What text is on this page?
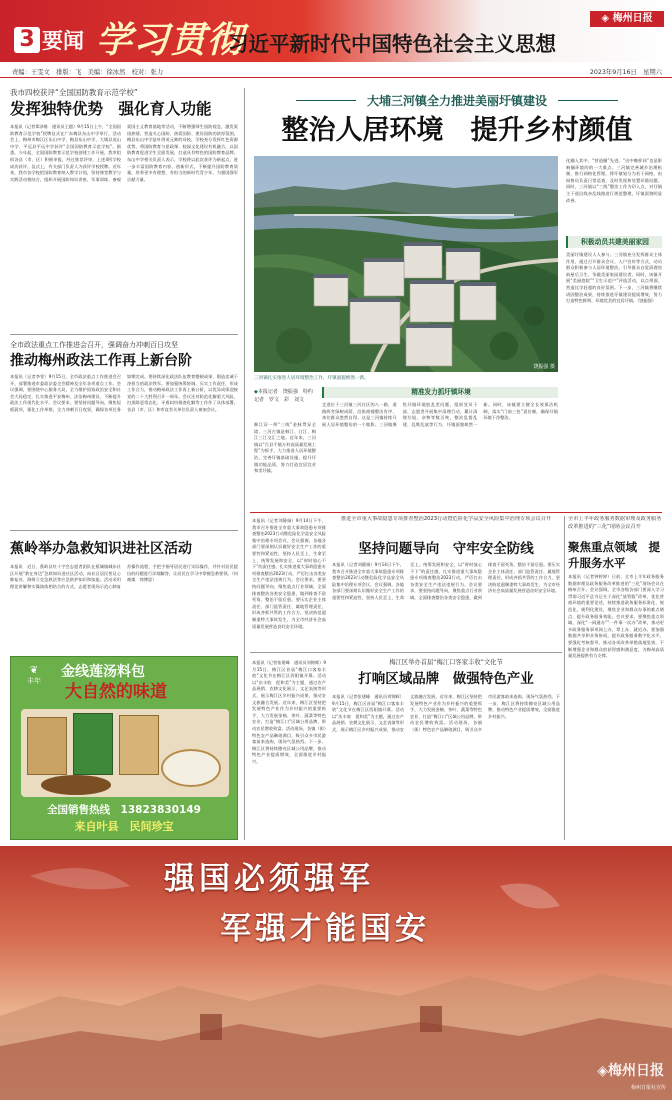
3 要闻 学习贯彻
习近平新时代中国特色社会主义思想
◈ 梅州日报
责编：王雯文　排版：飞　美编：徐冰然　校对：张力	2023年9月16日　星期六
我市四校获评“全国国防教育示范学校”
发挥独特优势　强化育人功能
本报讯（记者郑泽维　通讯员王越）9月15日上午，“全国国防教育示范学校”授牌仪式在广东梅县东山中学举行。活动会上，梅州市梅江区东山中学、梅县东山中学、大埔县虎山中学、平远县平远中学获评“全国国防教育示范学校”。据悉，今年起，全国国防教育示范学校创建工作开展，我市组织各县（市、区）积极申报，经过推荐评审，上述4所学校成功获评。仪式上，有关部门负责人为获评学校授牌。近年来，我市各学校把国防教育纳入教学计划，坚持课堂教学与实践活动相结合，组织开展国防知识讲座、军事训练、参观爱国主义教育基地等活动，不断增强师生国防观念，激发爱国热情，营造关心国防、热爱国防、建设国防的浓厚氛围。梅县东山中学是叶剑英元帅的母校，学校充分发挥红色资源优势，将国防教育与思政课、校园文化建设有机融合，以国防教育促进学生全面发展，打造具有特色的国防教育品牌。东山中学相关负责人表示，学校将以此次获评为新起点，进一步丰富国防教育内容、创新形式，不断提升国防教育质量，培养更多有理想、有担当的新时代青少年，为强国强军贡献力量。
全市政法重点工作推进会召开，强调奋力冲刺百日攻坚
推动梅州政法工作再上新台阶
本报讯（记者李雯）9月15日，全市政法重点工作推进会召开，部署推进市委政法委全会精神及全年各项重点工作。会议强调，要围绕中心服务大局，全力维护国家政治安全和社会大局稳定，扎实推进平安梅州、法治梅州建设，不断提升政法工作现代化水平。会议要求，要坚持问题导向，聚焦短板弱项，强化工作举措，全力冲刺百日攻坚，确保各项任务如期完成。要持续深化政法队伍教育整顿成果，锻造忠诚干净担当的政法铁军。要加强统筹协调，压实工作责任，形成工作合力，推动梅州政法工作再上新台阶，以优异成绩迎接党的二十大胜利召开一周年。会议还对防范化解重大风险、扫黑除恶常态化、矛盾纠纷排查化解等工作作了具体部署。各县（市、区）和市直有关单位负责人参加会议。
蕉岭举办急救知识进社区活动
本报讯　近日，蕉岭县红十字会志愿者团队在蕉城镇城东社区开展“救在身边”急救知识进社区活动，向社区居民普及心肺复苏、海姆立克急救法等应急救护知识和技能。活动采用理论讲解和实操演练相结合的方式，志愿者现场示范心肺复苏操作流程，手把手指导居民进行实际操作，并针对居民提出的问题进行详细解答，让居民在学习中掌握急救要领。（何被媒　徐博思）
❦
丰年
金线莲汤料包
大自然的味道
全国销售热线　13823830149
来自叶县　民间珍宝
大埔三河镇全力推进美丽圩镇建设
整治人居环境　提升乡村颜值
饶振强 摄
三河镇扎实推进人居环境整治工作，圩镇面貌焕然一新。
化翻入其中，“营造圈”先进。“这中晚样同”也是影响圈环境的的一大难点。三河镇完善城乡治理机制，推行网格化管理，将圩镇划分为若干网格，由网格员负责日常巡查，及时发现和处置环境问题。同时，三河镇以“三线”整治工作为切入点，对圩镇主干道沿线杂乱线路进行规范整理，圩镇面貌明显改善。
积极动员共建美丽家园
美丽圩镇建设人人参与。三河镇充分发挥群众主体作用，通过召开群众会议、入户宣传等方式，动员群众积极参与人居环境整治，引导群众自觉清理房前屋后卫生，争做美丽家园建设者。同时，该镇开展“美丽庭院”“卫生示范户”评选活动，以点带面，营造比学赶超的良好氛围。下一步，三河镇将继续巩固整治成果，持续推进圩镇建设提质增效，努力打造特色鲜明、环境优美的宜居圩镇。（饶振强）
◆本报记者　饶振强　特约记者　罗文　彩　刘文
韩江穿一带“三线”金脉贯穿全境，三河古镇是韩江、汀江、梅江三江交汇之地。近年来，三河镇以“百县千镇万村高质量发展工程”为抓手，大力推进人居环境整治，完善圩镇基础设施，提升圩镇功能品质，努力打造宜居宜业和美圩镇。
精准发力抓圩镇环境
走进位于三河镇三河社区的八一路，道路两旁绿树成荫、沿街商铺整洁有序，来往群众悠然自得。这是三河镇持续开展人居环境整治的一个缩影。三河镇聚焦圩镇环境脏乱差问题，组织党员干部、志愿者开展集中清理行动，累计清理垃圾、杂物等数百吨，整治乱搭乱建、乱堆乱放等行为，圩镇面貌焕然一新。同时，该镇建立健全长效保洁机制，落实“门前三包”责任制，确保圩镇环境干净整洁。
本报讯（记者刘静娟）9月14日下午，我市召开推进全市重大事故隐患专项排查整治2023行动暨危险化学品安全风险集中治理专项会议。会议强调，各地各部门要深刻认识做好安全生产工作的重要性和紧迫性，坚持人民至上、生命至上，统筹发展和安全，以“时时放心不下”的责任感，扎实推进重大事故隐患专项排查整治2023行动，严厉打击各类安全生产违法违规行为。会议要求，要坚持问题导向，聚焦重点行业领域，全面排查整治各类安全隐患，做到排查不留死角、整治不留后患。要压实企业主体责任、部门监管责任、属地管理责任，形成齐抓共管的工作合力，坚决防范遏制重特大事故发生，为全市经济社会高质量发展营造良好安全环境。
推进全市重大事故隐患专项排查整治2023行动暨危险化学品安全风险集中治理专项会议召开
坚持问题导向　守牢安全防线
本报讯（记者刘静娟）9月14日下午，我市召开推进全市重大事故隐患专项排查整治2023行动暨危险化学品安全风险集中治理专项会议。会议强调，各地各部门要深刻认识做好安全生产工作的重要性和紧迫性，坚持人民至上、生命至上，统筹发展和安全，以“时时放心不下”的责任感，扎实推进重大事故隐患专项排查整治2023行动，严厉打击各类安全生产违法违规行为。会议要求，要坚持问题导向，聚焦重点行业领域，全面排查整治各类安全隐患，做到排查不留死角、整治不留后患。要压实企业主体责任、部门监管责任、属地管理责任，形成齐抓共管的工作合力，坚决防范遏制重特大事故发生，为全市经济社会高质量发展营造良好安全环境。
本报讯（记者张建峰　通讯员刘锦辉）9月15日，梅江区首届“梅江口客家丰收”文化节在梅江区西阳镇开幕。活动以“庆丰收　促和美”为主题，通过农产品展销、农耕文化展示、文艺表演等形式，展示梅江区乡村振兴成果，推动农文旅融合发展。近年来，梅江区坚持把发展特色产业作为乡村振兴的重要抓手，大力发展金柚、茶叶、蔬菜等特色农业，打造“梅江口”区域公用品牌，带动农民增收致富。活动现场，各镇（街）特色农产品琳琅满目，吸引众多市民游客前来选购，现场气氛热烈。下一步，梅江区将持续擦亮区域公用品牌，推动特色产业提质增效，全面推进乡村振兴。
梅江区举办首届“梅江口客家丰收”文化节
打响区域品牌　做强特色产业
本报讯（记者张建峰　通讯员刘锦辉）9月15日，梅江区首届“梅江口客家丰收”文化节在梅江区西阳镇开幕。活动以“庆丰收　促和美”为主题，通过农产品展销、农耕文化展示、文艺表演等形式，展示梅江区乡村振兴成果，推动农文旅融合发展。近年来，梅江区坚持把发展特色产业作为乡村振兴的重要抓手，大力发展金柚、茶叶、蔬菜等特色农业，打造“梅江口”区域公用品牌，带动农民增收致富。活动现场，各镇（街）特色农产品琳琅满目，吸引众多市民游客前来选购，现场气氛热烈。下一步，梅江区将持续擦亮区域公用品牌，推动特色产业提质增效，全面推进乡村振兴。
全市上半年政务服务数据审理及政务服务改革推进的“三化”现场会议召开
聚焦重点领域　提升服务水平
本报讯（记者钟婷婷）日前，全市上半年政务服务数据审理及政务服务改革推进的“三化”现场会议在梅州召开。会议强调，全市各级各部门要深入学习贯彻习近平总书记关于深化“放管服”改革、优化营商环境的重要论述，持续推进政务服务标准化、规范化、便利化建设，聚焦企业和群众办事的难点堵点，提升政务服务效能。会议要求，要聚焦重点领域，深化“一网通办”“一件事一次办”改革，推动更多政务服务事项网上办、掌上办、就近办。要加强数据共享和业务协同，提升政务服务数字化水平。要强化考核督导，推动各项改革举措落地见效，不断增强企业和群众的获得感和满意度，为梅州高质量发展提供有力支撑。
强国必须强军
军强才能国安
◈梅州日报
梅州日报社宣传
